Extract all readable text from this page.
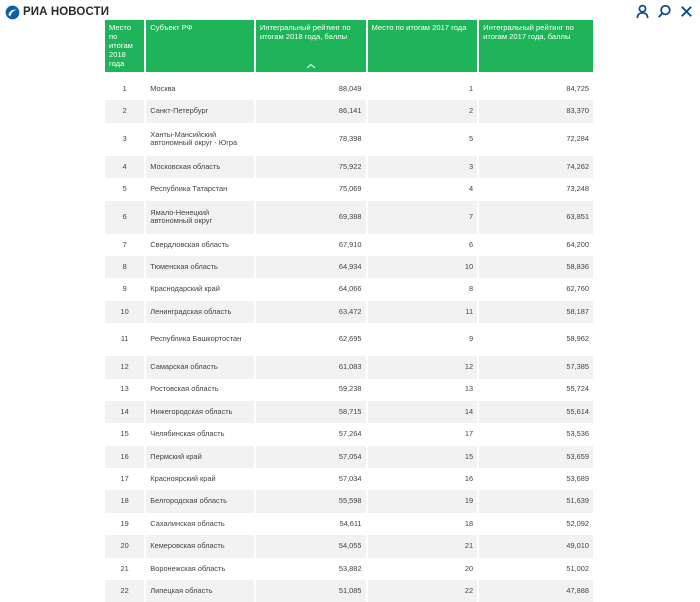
РИА НОВОСТИ
Место по итогам 2018 года	Субъект РФ	Интегральный рейтинг по итогам 2018 года, баллы	Место по итогам 2017 года	Интегральный рейтинг по итогам 2017 года, баллы

1	Москва	88,049	1	84,725
2	Санкт-Петербург	86,141	2	83,370
3	Ханты-Мансийский автономный округ - Югра	78,398	5	72,284
4	Московская область	75,922	3	74,262
5	Республика Татарстан	75,069	4	73,248
6	Ямало-Ненецкий автономный округ	69,388	7	63,851
7	Свердловская область	67,910	6	64,200
8	Тюменская область	64,934	10	58,836
9	Краснодарский край	64,066	8	62,760
10	Ленинградская область	63,472	11	58,187
11	Республика Башкортостан	62,695	9	58,962
12	Самарская область	61,083	12	57,385
13	Ростовская область	59,238	13	55,724
14	Нижегородская область	58,715	14	55,614
15	Челябинская область	57,264	17	53,536
16	Пермский край	57,054	15	53,659
17	Красноярский край	57,034	16	53,689
18	Белгородская область	55,598	19	51,639
19	Сахалинская область	54,611	18	52,092
20	Кемеровская область	54,055	21	49,010
21	Воронежская область	53,882	20	51,002
22	Липецкая область	51,085	22	47,888
